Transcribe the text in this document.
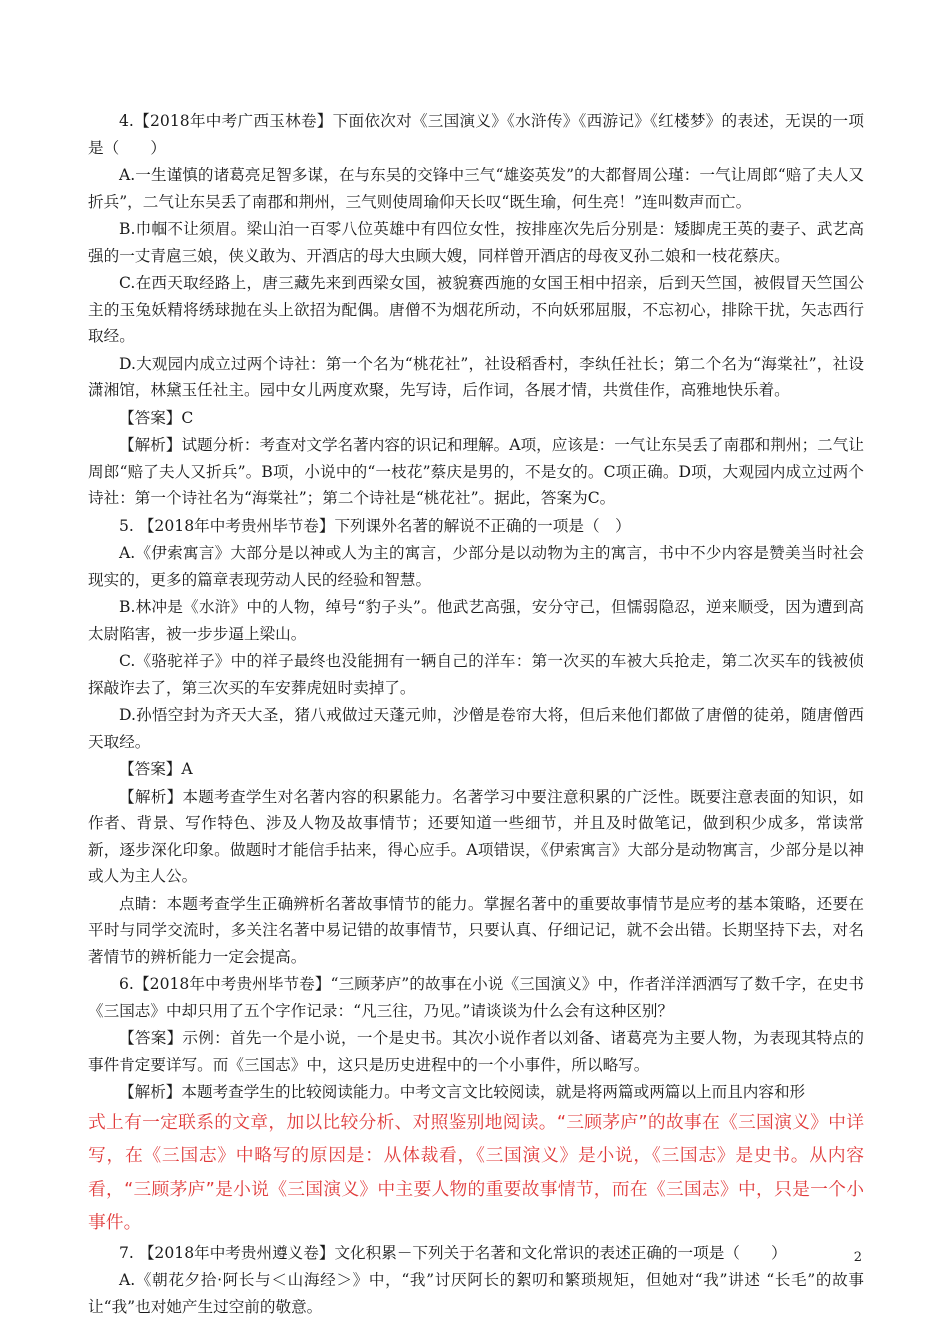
4.【2018年中考广西玉林卷】下面依次对《三国演义》《水浒传》《西游记》《红楼梦》的表述，无误的一项是（　　）

A.一生谨慎的诸葛亮足智多谋，在与东吴的交锋中三气“雄姿英发”的大都督周公瑾：一气让周郎“赔了夫人又折兵”，二气让东吴丢了南郡和荆州，三气则使周瑜仰天长叹“既生瑜，何生亮！”连叫数声而亡。

B.巾帼不让须眉。梁山泊一百零八位英雄中有四位女性，按排座次先后分别是：矮脚虎王英的妻子、武艺高强的一丈青扈三娘，侠义敢为、开酒店的母大虫顾大嫂，同样曾开酒店的母夜叉孙二娘和一枝花蔡庆。

C.在西天取经路上，唐三藏先来到西梁女国，被貌赛西施的女国王相中招亲，后到天竺国，被假冒天竺国公主的玉兔妖精将绣球抛在头上欲招为配偶。唐僧不为烟花所动，不向妖邪屈服，不忘初心，排除干扰，矢志西行取经。

D.大观园内成立过两个诗社：第一个名为“桃花社”，社设稻香村，李纨任社长；第二个名为“海棠社”，社设潇湘馆，林黛玉任社主。园中女儿两度欢聚，先写诗，后作词，各展才情，共赏佳作，高雅地快乐着。

【答案】C

【解析】试题分析：考查对文学名著内容的识记和理解。A项，应该是：一气让东吴丢了南郡和荆州；二气让周郎“赔了夫人又折兵”。B项，小说中的“一枝花”蔡庆是男的，不是女的。C项正确。D项，大观园内成立过两个诗社：第一个诗社名为“海棠社”；第二个诗社是“桃花社”。据此，答案为C。

5. 【2018年中考贵州毕节卷】下列课外名著的解说不正确的一项是（　）

A.《伊索寓言》大部分是以神或人为主的寓言，少部分是以动物为主的寓言，书中不少内容是赞美当时社会现实的，更多的篇章表现劳动人民的经验和智慧。

B.林冲是《水浒》中的人物，绰号“豹子头”。他武艺高强，安分守己，但懦弱隐忍，逆来顺受，因为遭到高太尉陷害，被一步步逼上梁山。

C.《骆驼祥子》中的祥子最终也没能拥有一辆自己的洋车：第一次买的车被大兵抢走，第二次买车的钱被侦探敲诈去了，第三次买的车安葬虎妞时卖掉了。

D.孙悟空封为齐天大圣，猪八戒做过天蓬元帅，沙僧是卷帘大将，但后来他们都做了唐僧的徒弟，随唐僧西天取经。

【答案】A

【解析】本题考查学生对名著内容的积累能力。名著学习中要注意积累的广泛性。既要注意表面的知识，如作者、背景、写作特色、涉及人物及故事情节；还要知道一些细节，并且及时做笔记，做到积少成多，常读常新，逐步深化印象。做题时才能信手拈来，得心应手。A项错误，《伊索寓言》大部分是动物寓言，少部分是以神或人为主人公。

点睛：本题考查学生正确辨析名著故事情节的能力。掌握名著中的重要故事情节是应考的基本策略，还要在平时与同学交流时，多关注名著中易记错的故事情节，只要认真、仔细记记，就不会出错。长期坚持下去，对名著情节的辨析能力一定会提高。

6.【2018年中考贵州毕节卷】“三顾茅庐”的故事在小说《三国演义》中，作者洋洋洒洒写了数千字，在史书《三国志》中却只用了五个字作记录：“凡三往，乃见。”请谈谈为什么会有这种区别？

【答案】示例：首先一个是小说，一个是史书。其次小说作者以刘备、诸葛亮为主要人物，为表现其特点的事件肯定要详写。而《三国志》中，这只是历史进程中的一个小事件，所以略写。

【解析】本题考查学生的比较阅读能力。中考文言文比较阅读，就是将两篇或两篇以上而且内容和形

式上有一定联系的文章，加以比较分析、对照鉴别地阅读。“三顾茅庐”的故事在《三国演义》中详写，在《三国志》中略写的原因是：从体裁看，《三国演义》是小说，《三国志》是史书。从内容看，“三顾茅庐”是小说《三国演义》中主要人物的重要故事情节，而在《三国志》中，只是一个小事件。

7. 【2018年中考贵州遵义卷】文化积累－下列关于名著和文化常识的表述正确的一项是（　　）

A.《朝花夕拾·阿长与＜山海经＞》中，“我”讨厌阿长的絮叨和繁琐规矩，但她对“我”讲述 “长毛”的故事让“我”也对她产生过空前的敬意。

2
